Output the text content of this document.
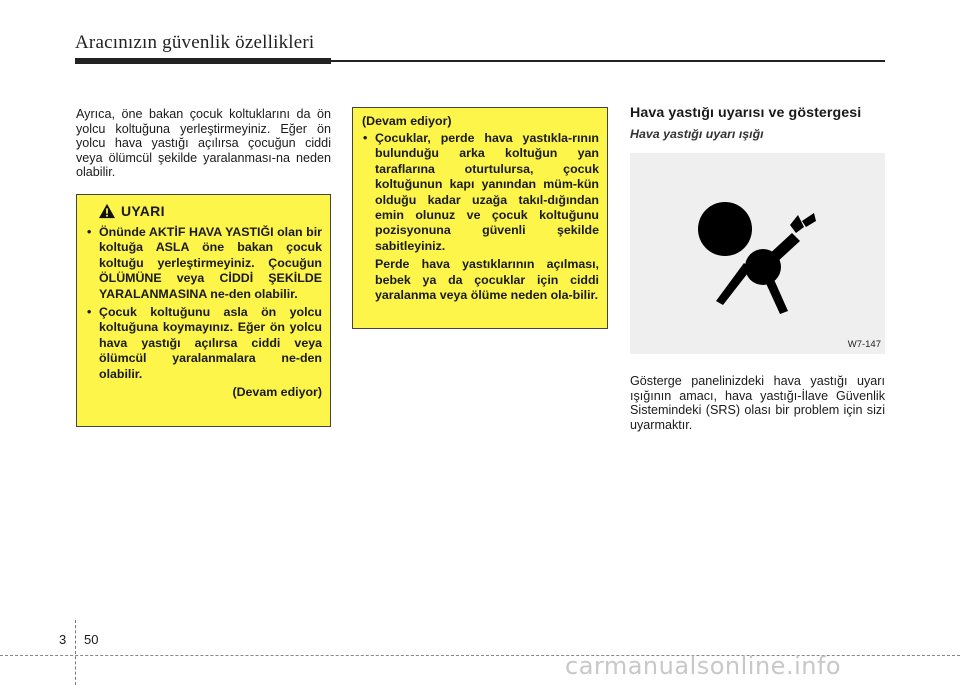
Aracınızın güvenlik özellikleri

Ayrıca, öne bakan çocuk koltuklarını da ön yolcu koltuğuna yerleştirmeyiniz. Eğer ön yolcu hava yastığı açılırsa çocuğun ciddi veya ölümcül şekilde yaralanması-na neden olabilir.

UYARI
• Önünde AKTİF HAVA YASTIĞI olan bir koltuğa ASLA öne bakan çocuk koltuğu yerleştirmeyiniz. Çocuğun ÖLÜMÜNE veya CİDDİ ŞEKİLDE YARALANMASINA ne-den olabilir.
• Çocuk koltuğunu asla ön yolcu koltuğuna koymayınız. Eğer ön yolcu hava yastığı açılırsa ciddi veya ölümcül yaralanmalara ne-den olabilir.
(Devam ediyor)
(Devam ediyor)
• Çocuklar, perde hava yastıkla-rının bulunduğu arka koltuğun yan taraflarına oturtulursa, çocuk koltuğunun kapı yanından müm-kün olduğu kadar uzağa takıl-dığından emin olunuz ve çocuk koltuğunu pozisyonuna güvenli şekilde sabitleyiniz.
Perde hava yastıklarının açılması, bebek ya da çocuklar için ciddi yaralanma veya ölüme neden ola-bilir.

Hava yastığı uyarısı ve göstergesi

Hava yastığı uyarı ışığı

W7-147

Gösterge panelinizdeki hava yastığı uyarı ışığının amacı, hava yastığı-İlave Güvenlik Sistemindeki (SRS) olası bir problem için sizi uyarmaktır.

3 50
carmanualsonline.info
